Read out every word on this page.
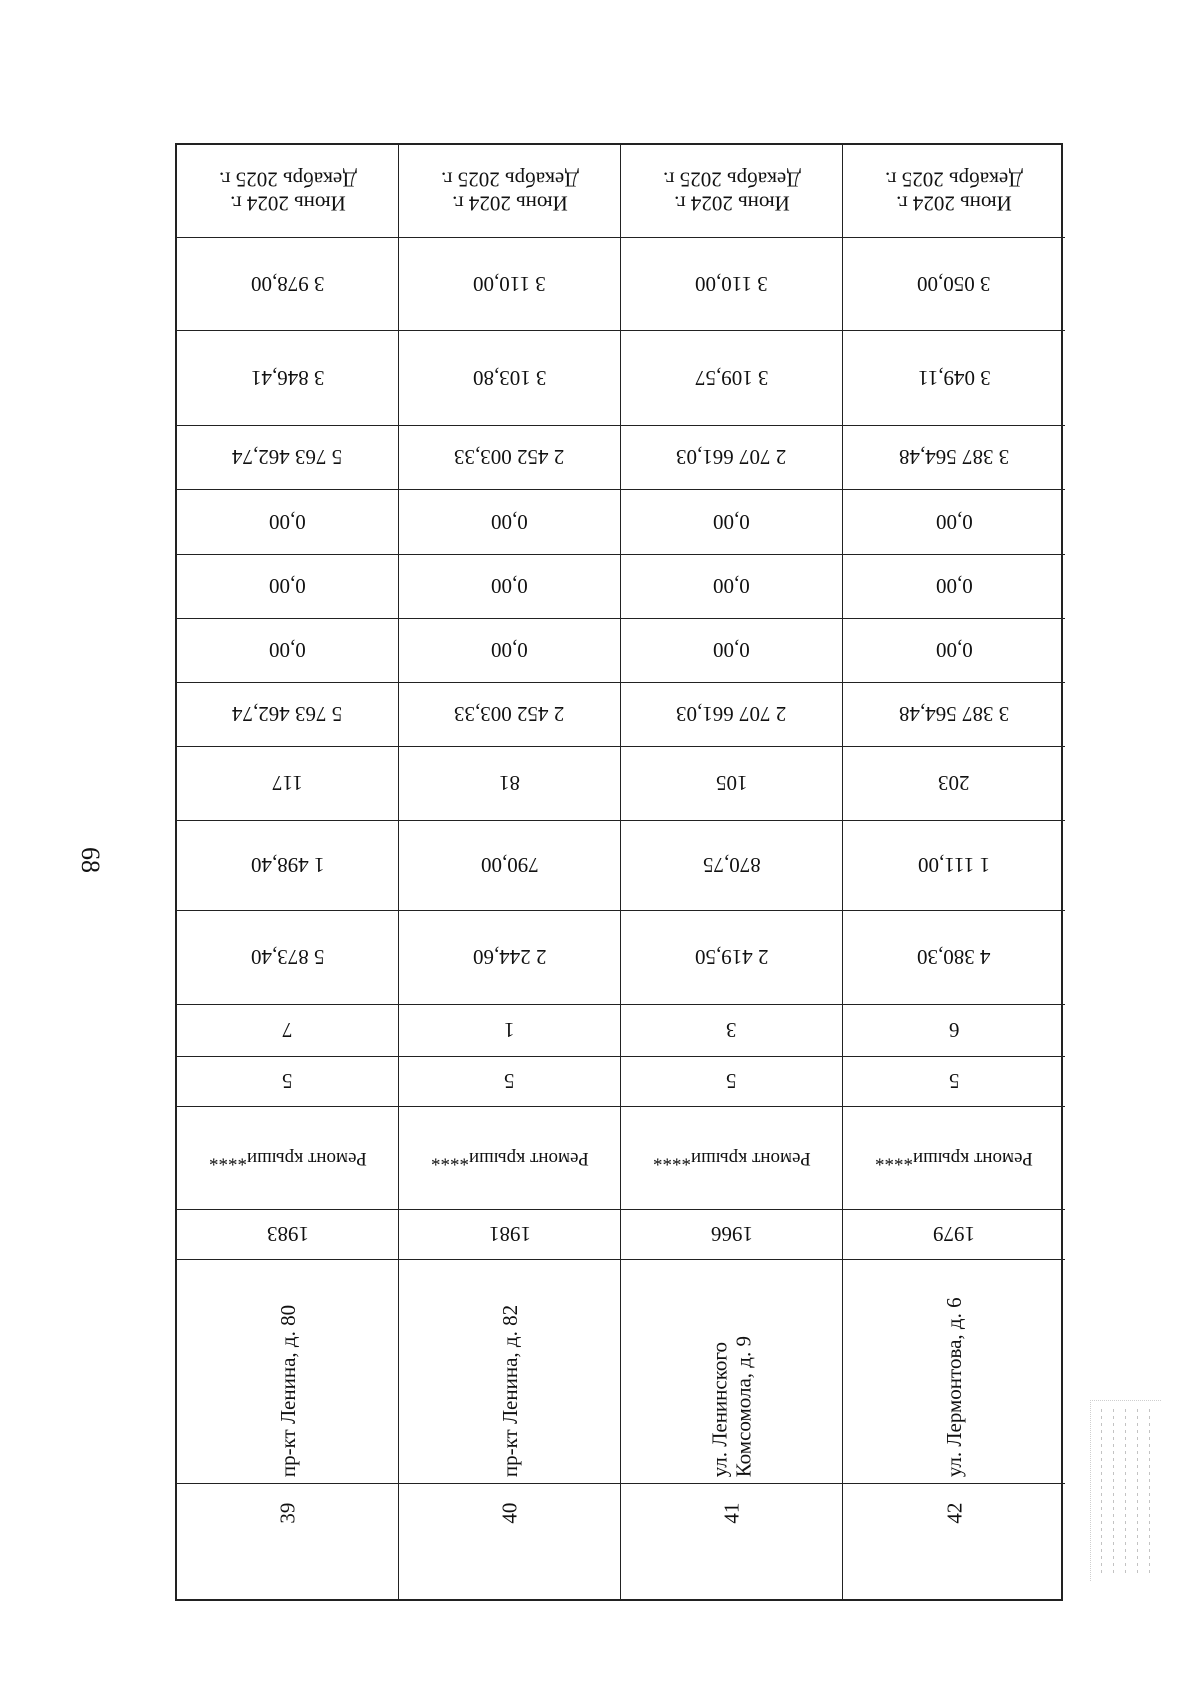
68
Июнь 2024 г.
Декабрь 2025 г.
3 978,00
3 846,41
5 763 462,74
0,00
0,00
0,00
5 763 462,74
117
1 498,40
5 873,40
7
5
Ремонт крыши****
1983
39
пр-кт Ленина, д. 80
Июнь 2024 г.
Декабрь 2025 г.
3 110,00
3 103,80
2 452 003,33
0,00
0,00
0,00
2 452 003,33
81
790,00
2 244,60
1
5
Ремонт крыши****
1981
40
пр-кт Ленина, д. 82
Июнь 2024 г.
Декабрь 2025 г.
3 110,00
3 109,57
2 707 661,03
0,00
0,00
0,00
2 707 661,03
105
870,75
2 419,50
3
5
Ремонт крыши****
1966
41
ул. Ленинского Комсомола, д. 9
Июнь 2024 г.
Декабрь 2025 г.
3 050,00
3 049,11
3 387 564,48
0,00
0,00
0,00
3 387 564,48
203
1 111,00
4 380,30
6
5
Ремонт крыши****
1979
42
ул. Лермонтова, д. 6
